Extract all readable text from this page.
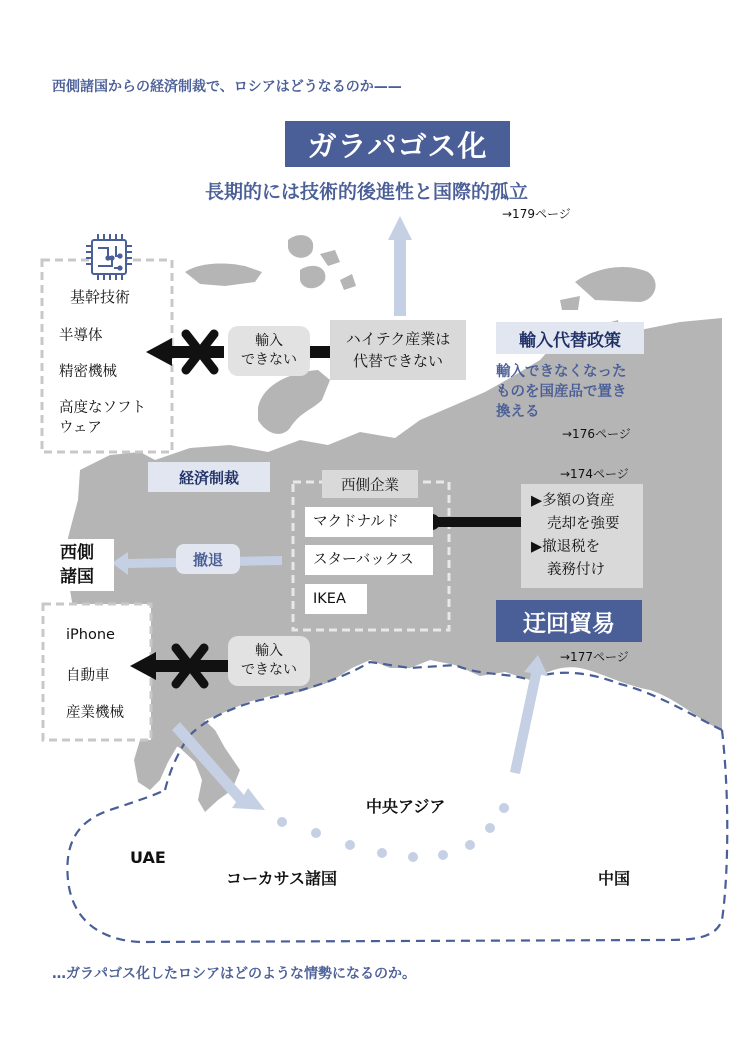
西側諸国からの経済制裁で、ロシアはどうなるのか——
ガラパゴス化
長期的には技術的後進性と国際的孤立
→179ページ
基幹技術
半導体
精密機械
高度なソフト
ウェア
輸入
できない
ハイテク産業は
代替できない
輸入代替政策
輸入できなくなった
ものを国産品で置き
換える
→176ページ
経済制裁	西側企業
マクドナルド
スターバックス
IKEA
→174ページ
▶多額の資産
売却を強要
▶撤退税を
義務付け
西側
諸国
撤退
迂回貿易
→177ページ
iPhone
自動車
産業機械
輸入
できない
中央アジア
UAE
コーカサス諸国	中国
…ガラパゴス化したロシアはどのような情勢になるのか。
